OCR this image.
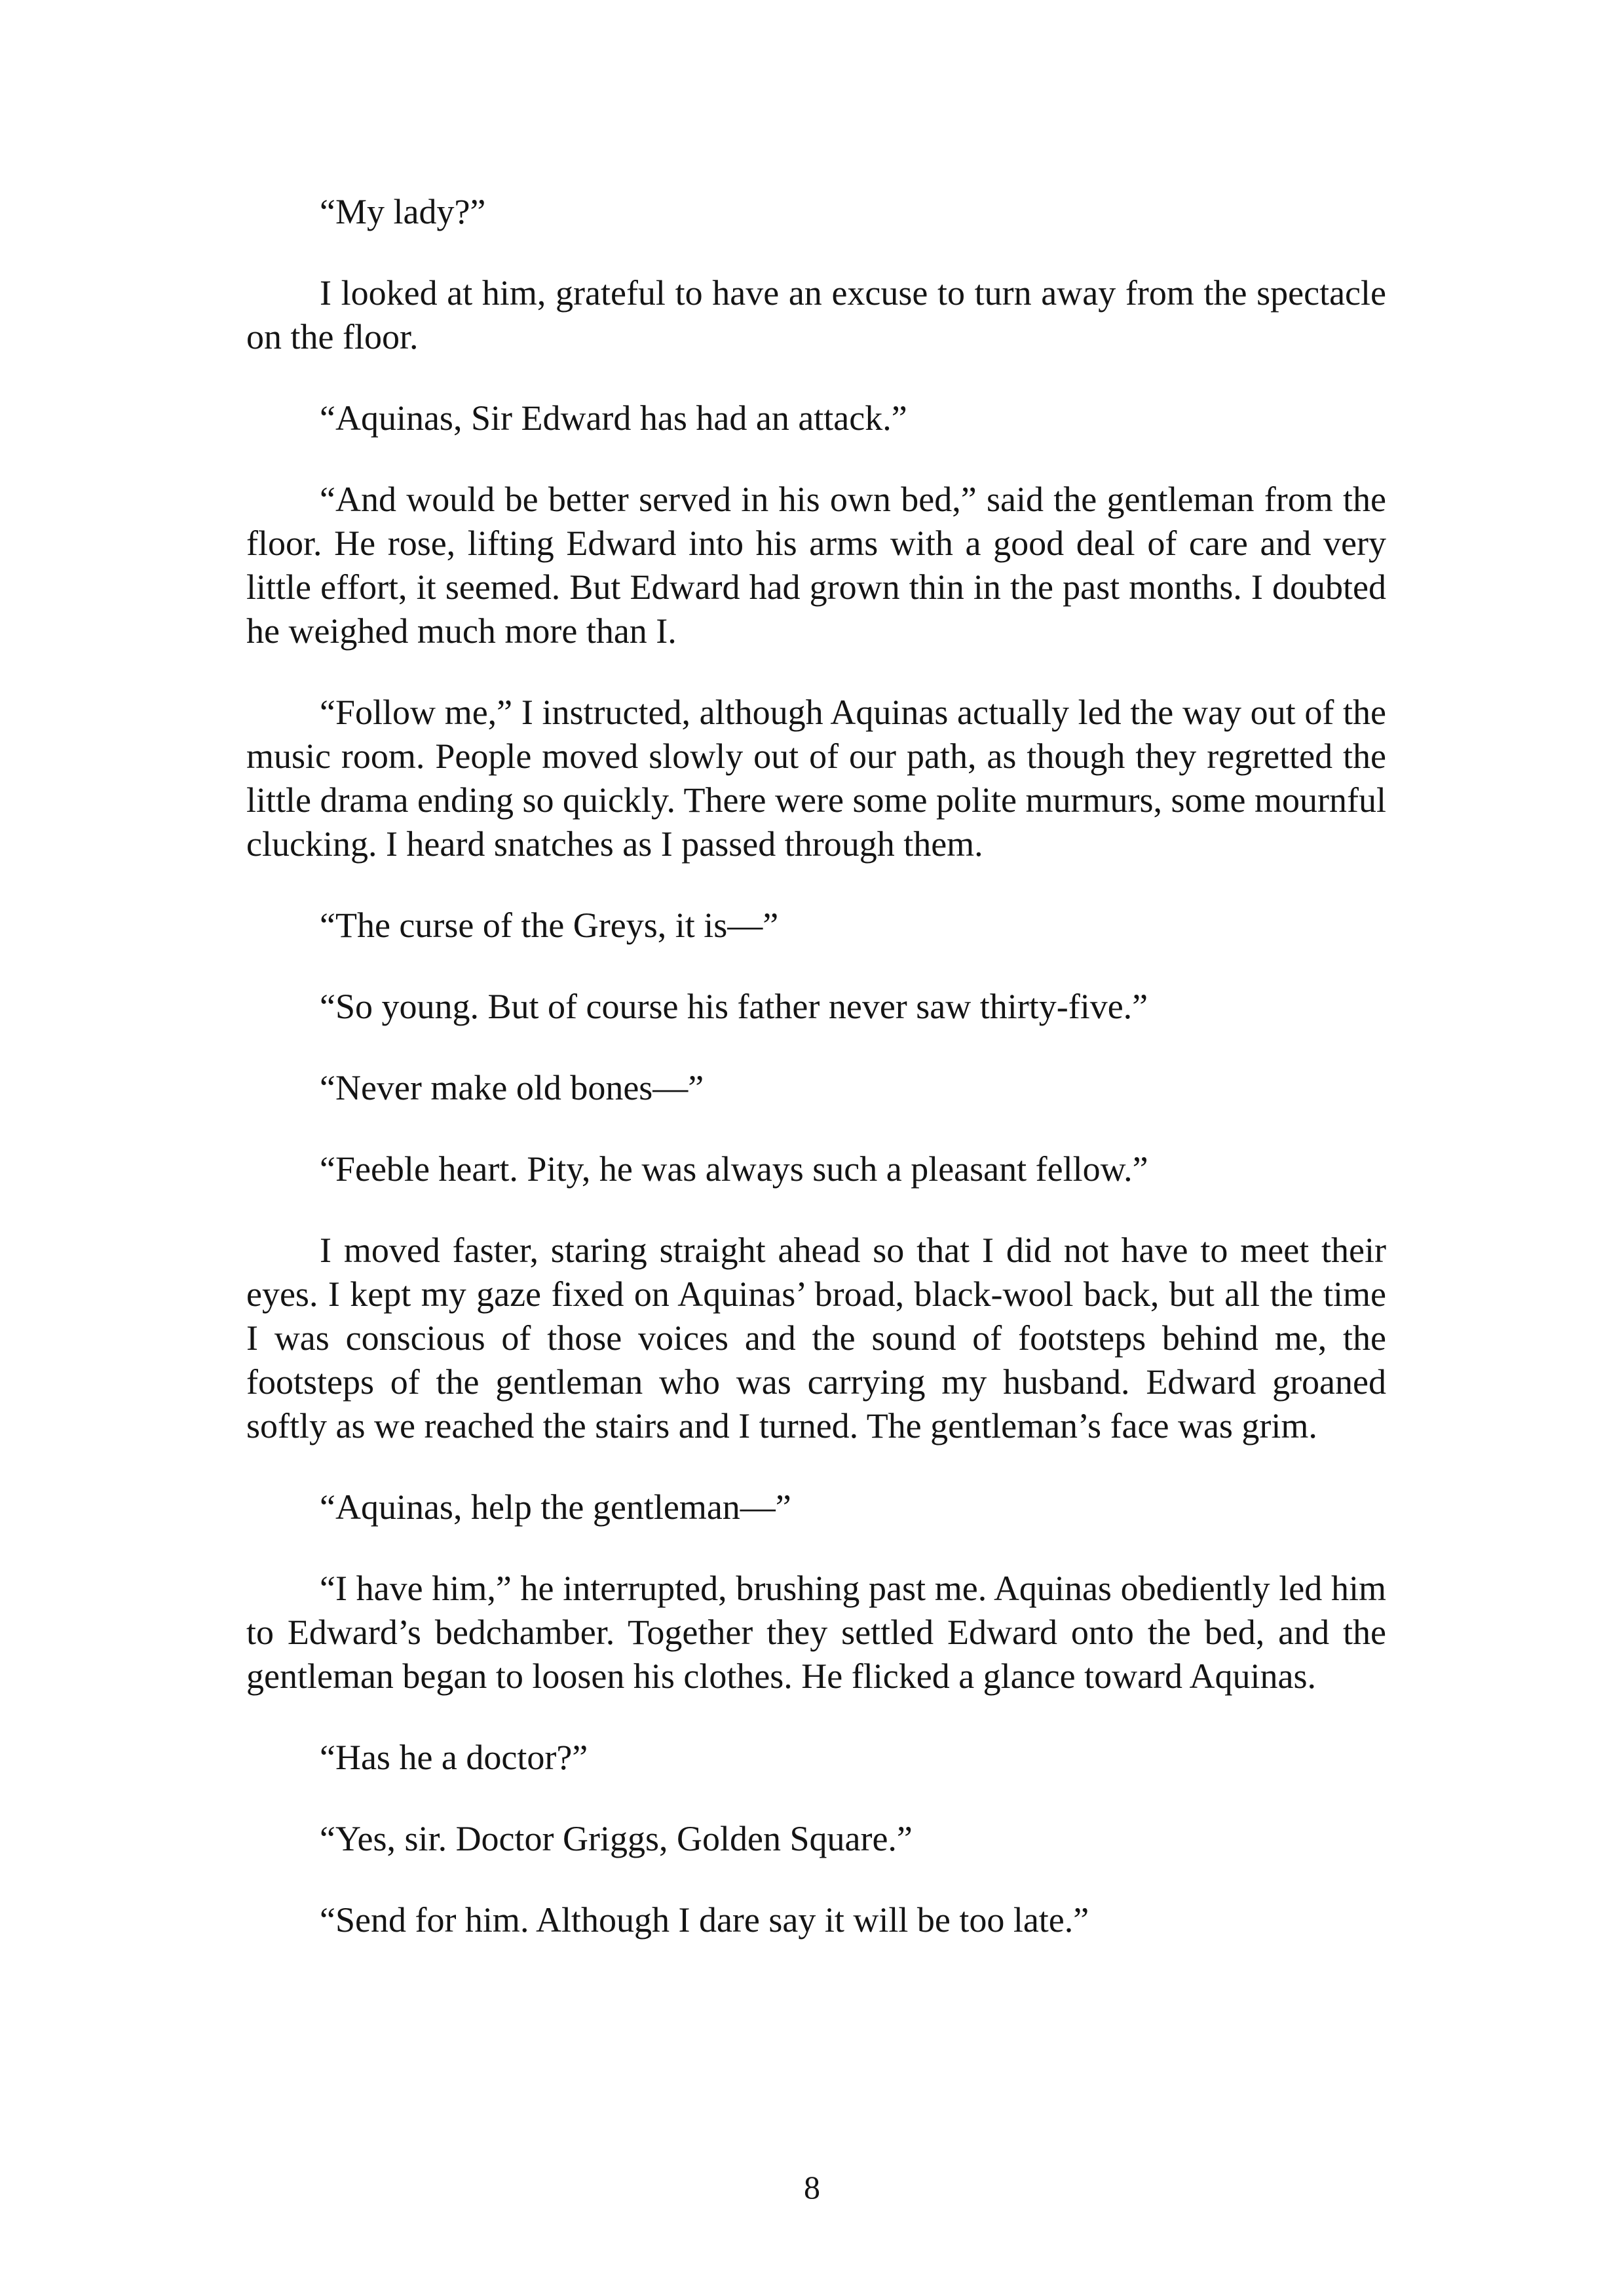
“My lady?”

I looked at him, grateful to have an excuse to turn away from the spectacle on the floor.

“Aquinas, Sir Edward has had an attack.”

“And would be better served in his own bed,” said the gentleman from the floor. He rose, lifting Edward into his arms with a good deal of care and very little effort, it seemed. But Edward had grown thin in the past months. I doubted he weighed much more than I.

“Follow me,” I instructed, although Aquinas actually led the way out of the music room. People moved slowly out of our path, as though they regretted the little drama ending so quickly. There were some polite murmurs, some mournful clucking. I heard snatches as I passed through them.

“The curse of the Greys, it is—”

“So young. But of course his father never saw thirty-five.”

“Never make old bones—”

“Feeble heart. Pity, he was always such a pleasant fellow.”

I moved faster, staring straight ahead so that I did not have to meet their eyes. I kept my gaze fixed on Aquinas’ broad, black-wool back, but all the time I was conscious of those voices and the sound of footsteps behind me, the footsteps of the gentleman who was carrying my husband. Edward groaned softly as we reached the stairs and I turned. The gentleman’s face was grim.

“Aquinas, help the gentleman—”

“I have him,” he interrupted, brushing past me. Aquinas obediently led him to Edward’s bedchamber. Together they settled Edward onto the bed, and the gentleman began to loosen his clothes. He flicked a glance toward Aquinas.

“Has he a doctor?”

“Yes, sir. Doctor Griggs, Golden Square.”

“Send for him. Although I dare say it will be too late.”

8
